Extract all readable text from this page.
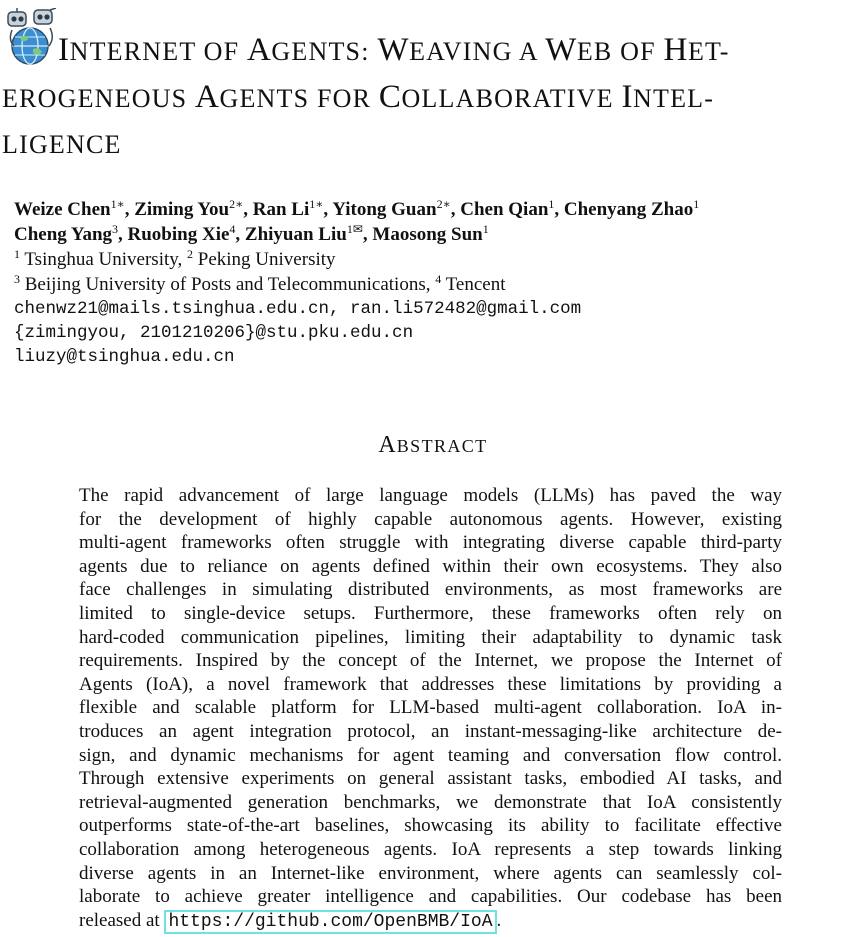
INTERNET OF AGENTS: WEAVING A WEB OF HET-
EROGENEOUS AGENTS FOR COLLABORATIVE INTEL-
LIGENCE
Weize Chen$^{1∗}$, Ziming You$^{2∗}$, Ran $Li^{1∗}$, Yitong Guan$^{2∗}$, Chen Qian$^1$, Chenyang Zhao$^1$
Cheng Yang$^3$, Ruobing Xie$^4$, Zhiyuan Liu$^{1✉}$, Maosong Sun$^1$
$^1$ Tsinghua University, $^2$ Peking University
$^3$ Beijing University of Posts and Telecommunications, $^4$ Tencent
chenwz21@mails.tsinghua.edu.cn, ran.li572482@gmail.com
{zimingyou, 2101210206}@stu.pku.edu.cn
liuzy@tsinghua.edu.cn
ABSTRACT
The rapid advancement of large language models (LLMs) has paved the way
for the development of highly capable autonomous agents. However, existing
multi-agent frameworks often struggle with integrating diverse capable third-party
agents due to reliance on agents defined within their own ecosystems. They also
face challenges in simulating distributed environments, as most frameworks are
limited to single-device setups. Furthermore, these frameworks often rely on
hard-coded communication pipelines, limiting their adaptability to dynamic task
requirements. Inspired by the concept of the Internet, we propose the Internet of
Agents (IoA), a novel framework that addresses these limitations by providing a
flexible and scalable platform for LLM-based multi-agent collaboration. IoA in-
troduces an agent integration protocol, an instant-messaging-like architecture de-
sign, and dynamic mechanisms for agent teaming and conversation flow control.
Through extensive experiments on general assistant tasks, embodied AI tasks, and
retrieval-augmented generation benchmarks, we demonstrate that IoA consistently
outperforms state-of-the-art baselines, showcasing its ability to facilitate effective
collaboration among heterogeneous agents. IoA represents a step towards linking
diverse agents in an Internet-like environment, where agents can seamlessly col-
laborate to achieve greater intelligence and capabilities. Our codebase has been
released at https://github.com/OpenBMB/IoA .
